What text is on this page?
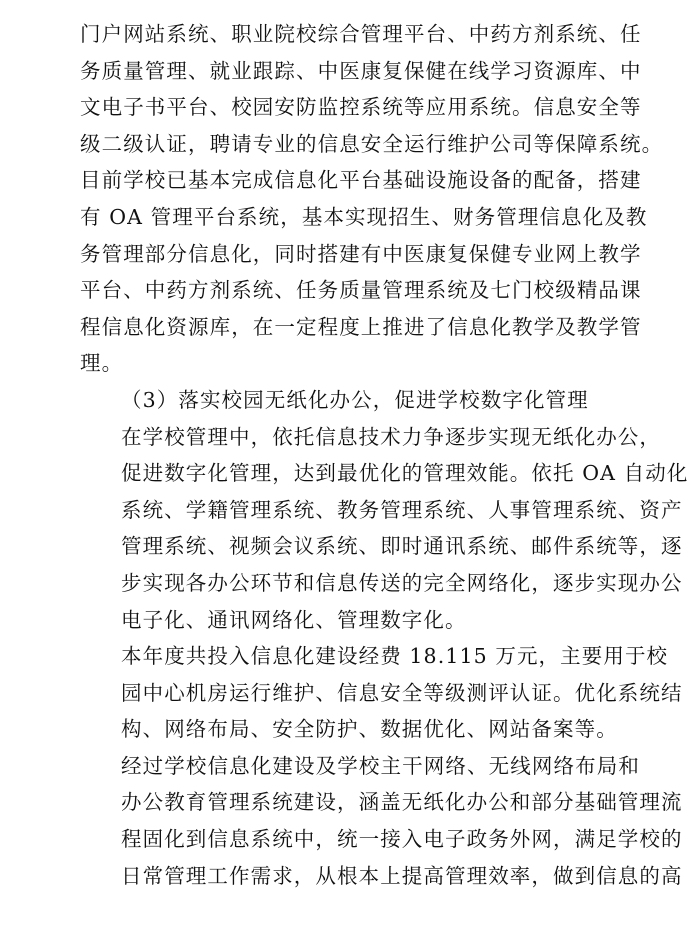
门户网站系统、职业院校综合管理平台、中药方剂系统、任
务质量管理、就业跟踪、中医康复保健在线学习资源库、中
文电子书平台、校园安防监控系统等应用系统。信息安全等
级二级认证，聘请专业的信息安全运行维护公司等保障系统。
目前学校已基本完成信息化平台基础设施设备的配备，搭建
有 OA 管理平台系统，基本实现招生、财务管理信息化及教
务管理部分信息化，同时搭建有中医康复保健专业网上教学
平台、中药方剂系统、任务质量管理系统及七门校级精品课
程信息化资源库，在一定程度上推进了信息化教学及教学管
理。
（3）落实校园无纸化办公，促进学校数字化管理
在学校管理中，依托信息技术力争逐步实现无纸化办公，
促进数字化管理，达到最优化的管理效能。依托 OA 自动化
系统、学籍管理系统、教务管理系统、人事管理系统、资产
管理系统、视频会议系统、即时通讯系统、邮件系统等，逐
步实现各办公环节和信息传送的完全网络化，逐步实现办公
电子化、通讯网络化、管理数字化。
本年度共投入信息化建设经费 18.115 万元，主要用于校
园中心机房运行维护、信息安全等级测评认证。优化系统结
构、网络布局、安全防护、数据优化、网站备案等。
经过学校信息化建设及学校主干网络、无线网络布局和
办公教育管理系统建设，涵盖无纸化办公和部分基础管理流
程固化到信息系统中，统一接入电子政务外网，满足学校的
日常管理工作需求，从根本上提高管理效率，做到信息的高
